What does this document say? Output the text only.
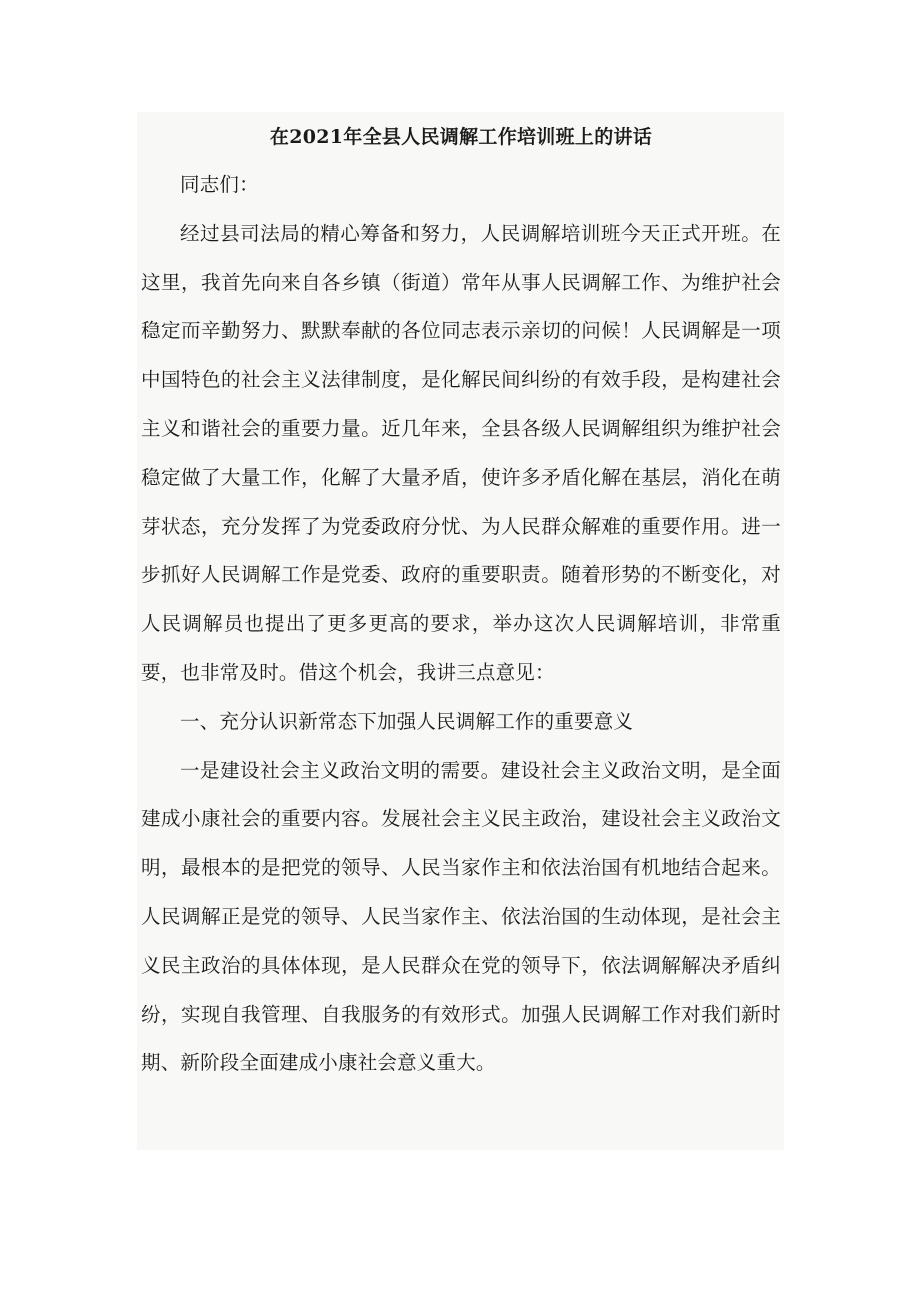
在2021年全县人民调解工作培训班上的讲话

同志们：

经过县司法局的精心筹备和努力，人民调解培训班今天正式开班。在这里，我首先向来自各乡镇（街道）常年从事人民调解工作、为维护社会稳定而辛勤努力、默默奉献的各位同志表示亲切的问候！人民调解是一项中国特色的社会主义法律制度，是化解民间纠纷的有效手段，是构建社会主义和谐社会的重要力量。近几年来，全县各级人民调解组织为维护社会稳定做了大量工作，化解了大量矛盾，使许多矛盾化解在基层，消化在萌芽状态，充分发挥了为党委政府分忧、为人民群众解难的重要作用。进一步抓好人民调解工作是党委、政府的重要职责。随着形势的不断变化，对人民调解员也提出了更多更高的要求，举办这次人民调解培训，非常重要，也非常及时。借这个机会，我讲三点意见：

一、充分认识新常态下加强人民调解工作的重要意义

一是建设社会主义政治文明的需要。建设社会主义政治文明，是全面建成小康社会的重要内容。发展社会主义民主政治，建设社会主义政治文明，最根本的是把党的领导、人民当家作主和依法治国有机地结合起来。人民调解正是党的领导、人民当家作主、依法治国的生动体现，是社会主义民主政治的具体体现，是人民群众在党的领导下，依法调解解决矛盾纠纷，实现自我管理、自我服务的有效形式。加强人民调解工作对我们新时期、新阶段全面建成小康社会意义重大。
